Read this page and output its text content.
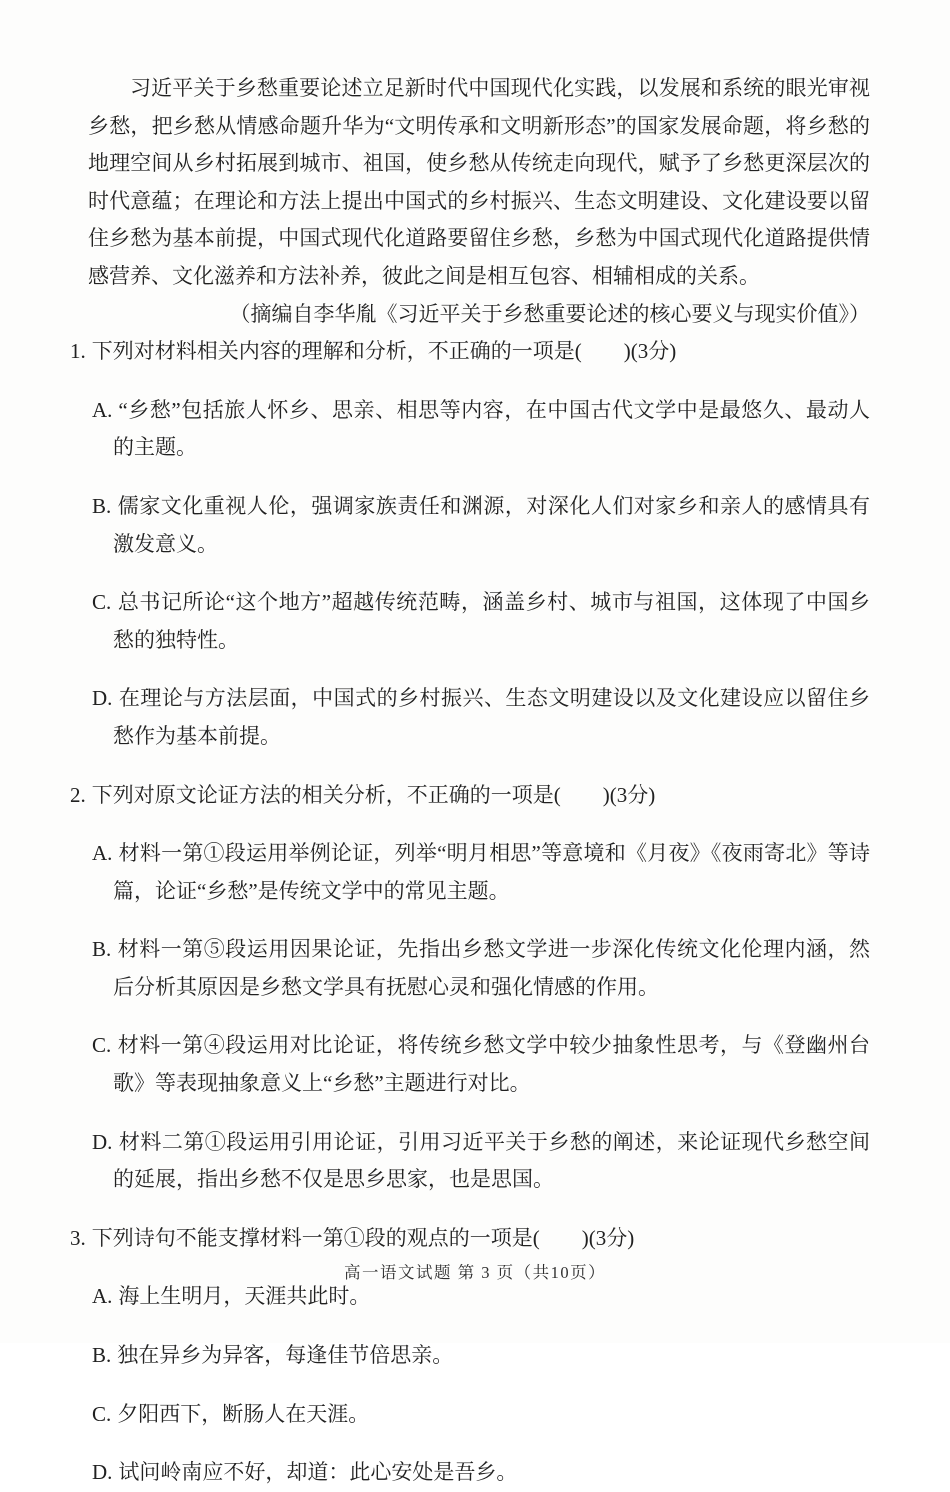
习近平关于乡愁重要论述立足新时代中国现代化实践，以发展和系统的眼光审视乡愁，把乡愁从情感命题升华为“文明传承和文明新形态”的国家发展命题，将乡愁的地理空间从乡村拓展到城市、祖国，使乡愁从传统走向现代，赋予了乡愁更深层次的时代意蕴；在理论和方法上提出中国式的乡村振兴、生态文明建设、文化建设要以留住乡愁为基本前提，中国式现代化道路要留住乡愁，乡愁为中国式现代化道路提供情感营养、文化滋养和方法补养，彼此之间是相互包容、相辅相成的关系。

（摘编自李华胤《习近平关于乡愁重要论述的核心要义与现实价值》）

1. 下列对材料相关内容的理解和分析，不正确的一项是(　　)(3分)

A. “乡愁”包括旅人怀乡、思亲、相思等内容，在中国古代文学中是最悠久、最动人的主题。

B. 儒家文化重视人伦，强调家族责任和渊源，对深化人们对家乡和亲人的感情具有激发意义。

C. 总书记所论“这个地方”超越传统范畴，涵盖乡村、城市与祖国，这体现了中国乡愁的独特性。

D. 在理论与方法层面，中国式的乡村振兴、生态文明建设以及文化建设应以留住乡愁作为基本前提。

2. 下列对原文论证方法的相关分析，不正确的一项是(　　)(3分)

A. 材料一第①段运用举例论证，列举“明月相思”等意境和《月夜》《夜雨寄北》等诗篇，论证“乡愁”是传统文学中的常见主题。

B. 材料一第⑤段运用因果论证，先指出乡愁文学进一步深化传统文化伦理内涵，然后分析其原因是乡愁文学具有抚慰心灵和强化情感的作用。

C. 材料一第④段运用对比论证，将传统乡愁文学中较少抽象性思考，与《登幽州台歌》等表现抽象意义上“乡愁”主题进行对比。

D. 材料二第①段运用引用论证，引用习近平关于乡愁的阐述，来论证现代乡愁空间的延展，指出乡愁不仅是思乡思家，也是思国。

3. 下列诗句不能支撑材料一第①段的观点的一项是(　　)(3分)

A. 海上生明月，天涯共此时。

B. 独在异乡为异客，每逢佳节倍思亲。

C. 夕阳西下，断肠人在天涯。

D. 试问岭南应不好，却道：此心安处是吾乡。

高一语文试题 第 3 页（共10页）
